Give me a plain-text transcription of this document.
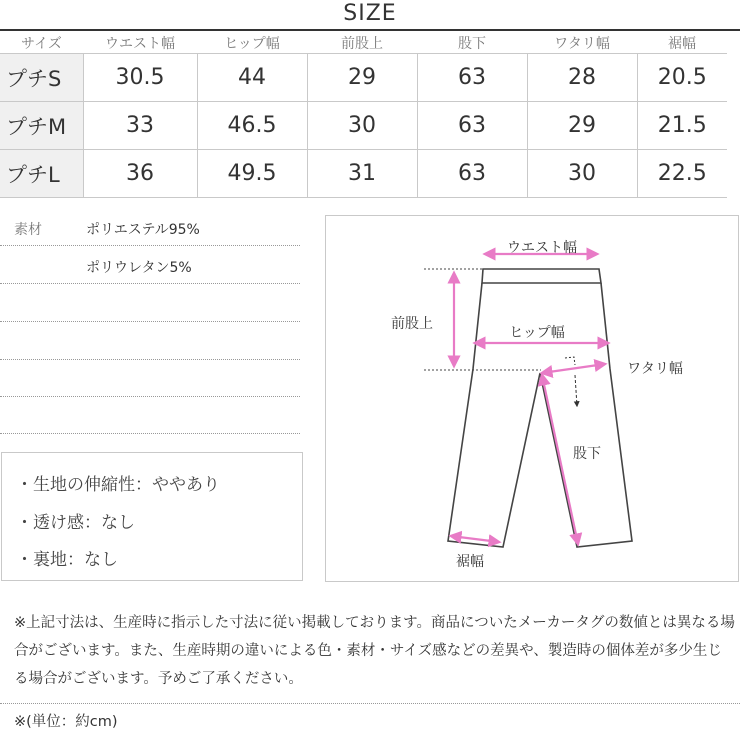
SIZE
サイズ	ウエスト幅	ヒップ幅	前股上	股下	ワタリ幅	裾幅
プチS	30.5	44	29	63	28	20.5
プチM	33	46.5	30	63	29	21.5
プチL	36	49.5	31	63	30	22.5
素材	ポリエステル95%
ポリウレタン5%
・生地の伸縮性：ややあり
・透け感：なし
・裏地：なし
ウエスト幅
前股上
ヒップ幅
ワタリ幅
股下
裾幅
※上記寸法は、生産時に指示した寸法に従い掲載しております。商品についたメーカータグの数値とは異なる場合がございます。また、生産時期の違いによる色・素材・サイズ感などの差異や、製造時の個体差が多少生じる場合がございます。予めご了承ください。
※(単位：約cm)
